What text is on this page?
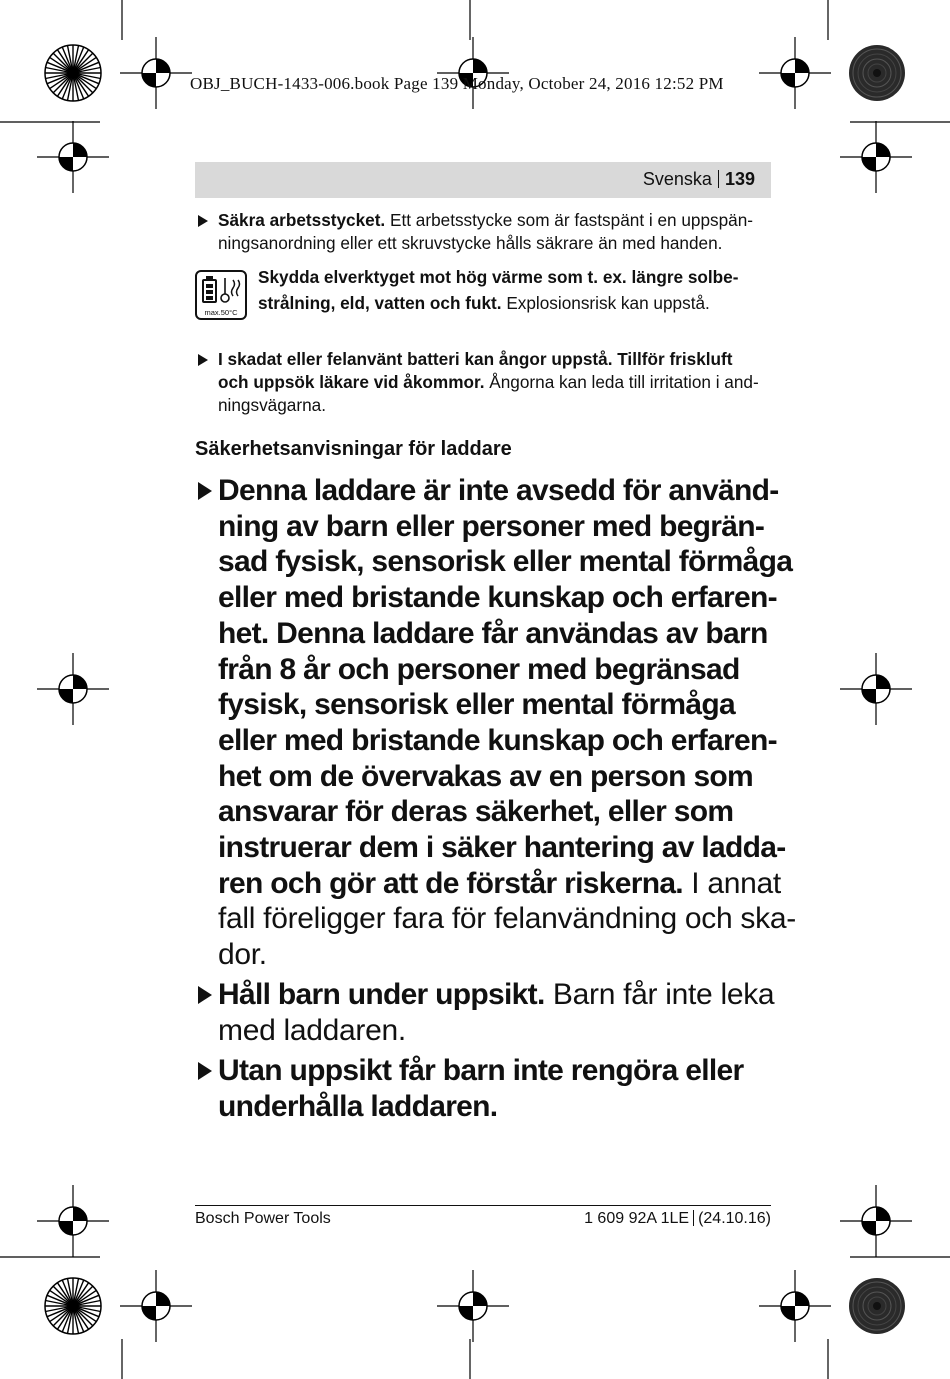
OBJ_BUCH-1433-006.book Page 139 Monday, October 24, 2016 12:52 PM
Svenska 139
Säkra arbetsstycket. Ett arbetsstycke som är fastspänt i en uppspän-
ningsanordning eller ett skruvstycke hålls säkrare än med handen.
max.50°C
Skydda elverktyget mot hög värme som t. ex. längre solbe-
strålning, eld, vatten och fukt. Explosionsrisk kan uppstå.
I skadat eller felanvänt batteri kan ångor uppstå. Tillför friskluft
och uppsök läkare vid åkommor. Ångorna kan leda till irritation i and-
ningsvägarna.
Säkerhetsanvisningar för laddare
Denna laddare är inte avsedd för använd-
ning av barn eller personer med begrän-
sad fysisk, sensorisk eller mental förmåga
eller med bristande kunskap och erfaren-
het. Denna laddare får användas av barn
från 8 år och personer med begränsad
fysisk, sensorisk eller mental förmåga
eller med bristande kunskap och erfaren-
het om de övervakas av en person som
ansvarar för deras säkerhet, eller som
instruerar dem i säker hantering av ladda-
ren och gör att de förstår riskerna. I annat
fall föreligger fara för felanvändning och ska-
dor.
Håll barn under uppsikt. Barn får inte leka
med laddaren.
Utan uppsikt får barn inte rengöra eller
underhålla laddaren.
Bosch Power Tools	1 609 92A 1LE (24.10.16)
